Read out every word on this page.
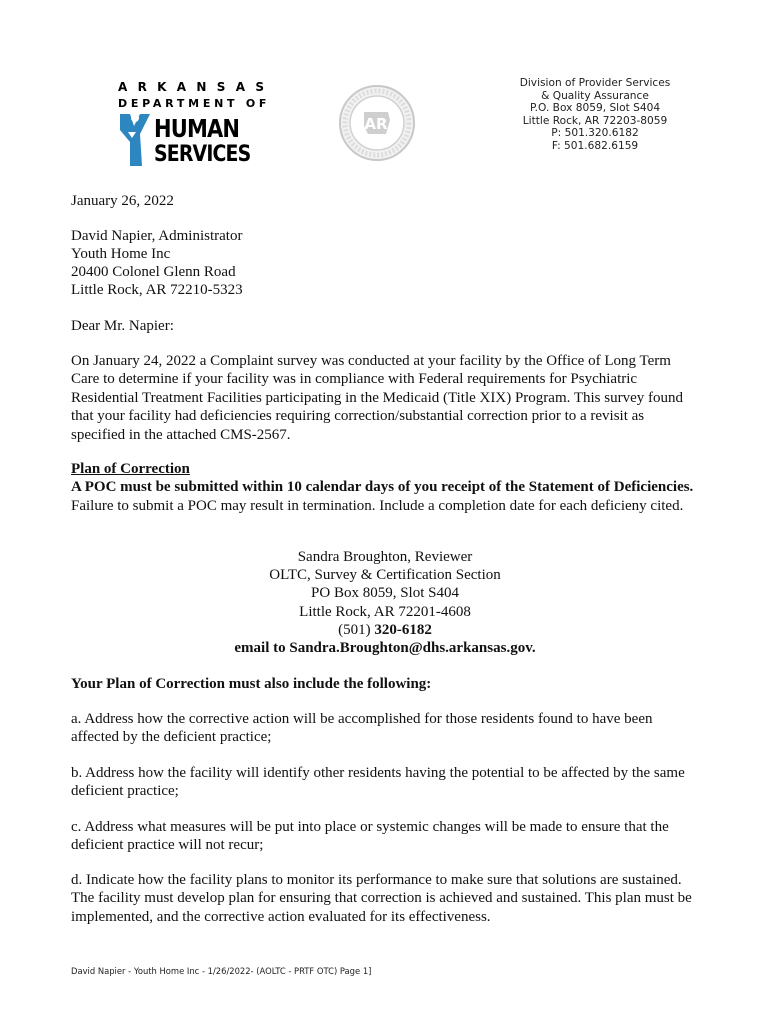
ARKANSAS
DEPARTMENT OF
HUMAN
SERVICES
AR
Division of Provider Services
& Quality Assurance
P.O. Box 8059, Slot S404
Little Rock, AR 72203-8059
P: 501.320.6182
F: 501.682.6159
January 26, 2022
David Napier, Administrator
Youth Home Inc
20400 Colonel Glenn Road
Little Rock, AR 72210-5323
Dear Mr. Napier:

On January 24, 2022 a Complaint survey was conducted at your facility by the Office of Long Term Care to determine if your facility was in compliance with Federal requirements for Psychiatric Residential Treatment Facilities participating in the Medicaid (Title XIX) Program. This survey found that your facility had deficiencies requiring correction/substantial correction prior to a revisit as specified in the attached CMS-2567.

Plan of Correction

A POC must be submitted within 10 calendar days of you receipt of the Statement of Deficiencies. Failure to submit a POC may result in termination. Include a completion date for each deficieny cited.

Sandra Broughton, Reviewer
OLTC, Survey & Certification Section
PO Box 8059, Slot S404
Little Rock, AR 72201-4608
(501) 320-6182
email to Sandra.Broughton@dhs.arkansas.gov.
Your Plan of Correction must also include the following:

a. Address how the corrective action will be accomplished for those residents found to have been affected by the deficient practice;

b. Address how the facility will identify other residents having the potential to be affected by the same deficient practice;

c. Address what measures will be put into place or systemic changes will be made to ensure that the deficient practice will not recur;

d. Indicate how the facility plans to monitor its performance to make sure that solutions are sustained. The facility must develop plan for ensuring that correction is achieved and sustained. This plan must be implemented, and the corrective action evaluated for its effectiveness.

David Napier - Youth Home Inc - 1/26/2022- (AOLTC - PRTF OTC) Page 1]
